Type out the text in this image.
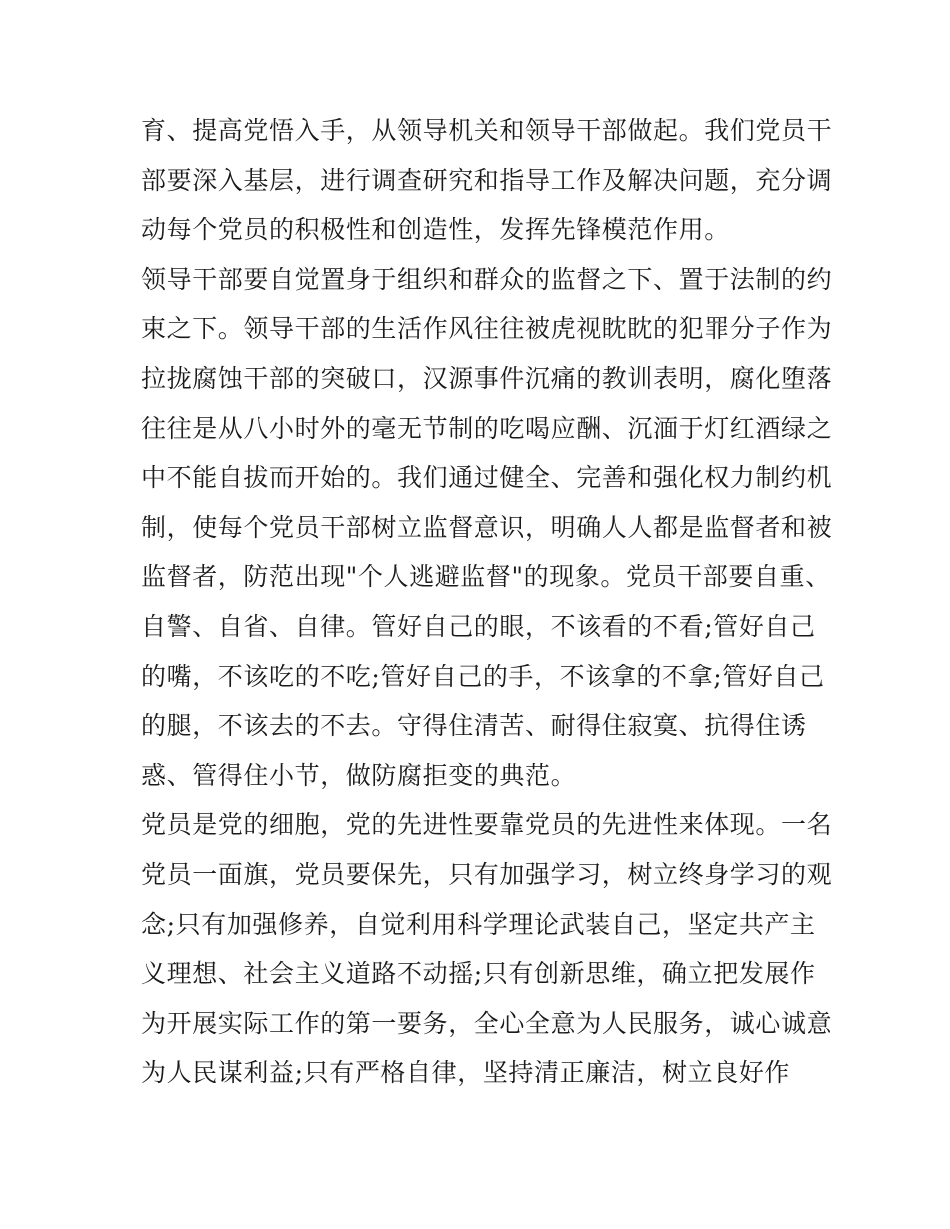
育、提高党悟入手，从领导机关和领导干部做起。我们党员干
部要深入基层，进行调查研究和指导工作及解决问题，充分调
动每个党员的积极性和创造性，发挥先锋模范作用。
领导干部要自觉置身于组织和群众的监督之下、置于法制的约
束之下。领导干部的生活作风往往被虎视眈眈的犯罪分子作为
拉拢腐蚀干部的突破口，汉源事件沉痛的教训表明，腐化堕落
往往是从八小时外的毫无节制的吃喝应酬、沉湎于灯红酒绿之
中不能自拔而开始的。我们通过健全、完善和强化权力制约机
制，使每个党员干部树立监督意识，明确人人都是监督者和被
监督者，防范出现"个人逃避监督"的现象。党员干部要自重、
自警、自省、自律。管好自己的眼，不该看的不看;管好自己
的嘴，不该吃的不吃;管好自己的手，不该拿的不拿;管好自己
的腿，不该去的不去。守得住清苦、耐得住寂寞、抗得住诱
惑、管得住小节，做防腐拒变的典范。
党员是党的细胞，党的先进性要靠党员的先进性来体现。一名
党员一面旗，党员要保先，只有加强学习，树立终身学习的观
念;只有加强修养，自觉利用科学理论武装自己，坚定共产主
义理想、社会主义道路不动摇;只有创新思维，确立把发展作
为开展实际工作的第一要务，全心全意为人民服务，诚心诚意
为人民谋利益;只有严格自律，坚持清正廉洁，树立良好作
